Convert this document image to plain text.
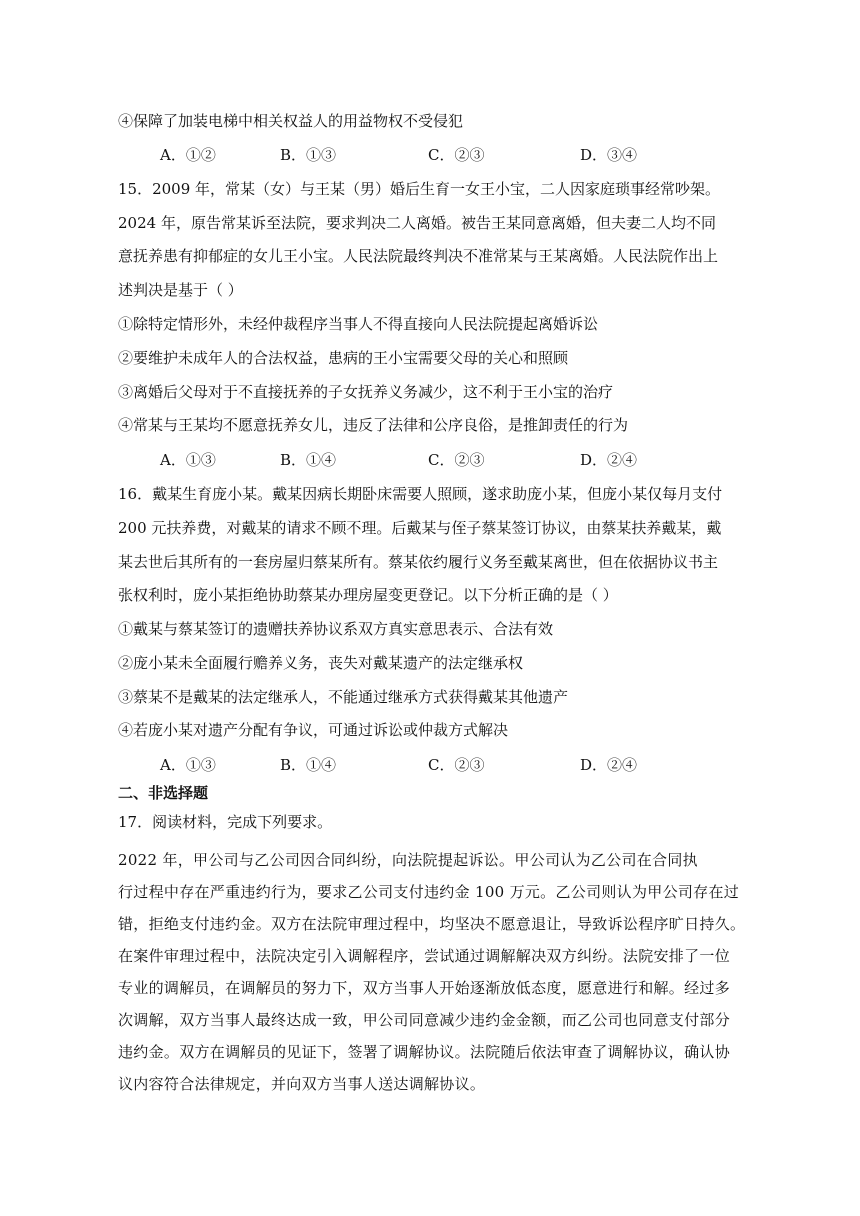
④保障了加装电梯中相关权益人的用益物权不受侵犯
A．①②	B．①③	C．②③	D．③④
15．2009 年，常某（女）与王某（男）婚后生育一女王小宝，二人因家庭琐事经常吵架。
2024 年，原告常某诉至法院，要求判决二人离婚。被告王某同意离婚，但夫妻二人均不同
意抚养患有抑郁症的女儿王小宝。人民法院最终判决不准常某与王某离婚。人民法院作出上
述判决是基于（ ）
①除特定情形外，未经仲裁程序当事人不得直接向人民法院提起离婚诉讼
②要维护未成年人的合法权益，患病的王小宝需要父母的关心和照顾
③离婚后父母对于不直接抚养的子女抚养义务减少，这不利于王小宝的治疗
④常某与王某均不愿意抚养女儿，违反了法律和公序良俗，是推卸责任的行为
A．①③	B．①④	C．②③	D．②④
16．戴某生育庞小某。戴某因病长期卧床需要人照顾，遂求助庞小某，但庞小某仅每月支付
200 元扶养费，对戴某的请求不顾不理。后戴某与侄子蔡某签订协议，由蔡某扶养戴某，戴
某去世后其所有的一套房屋归蔡某所有。蔡某依约履行义务至戴某离世，但在依据协议书主
张权利时，庞小某拒绝协助蔡某办理房屋变更登记。以下分析正确的是（ ）
①戴某与蔡某签订的遗赠扶养协议系双方真实意思表示、合法有效
②庞小某未全面履行赡养义务，丧失对戴某遗产的法定继承权
③蔡某不是戴某的法定继承人，不能通过继承方式获得戴某其他遗产
④若庞小某对遗产分配有争议，可通过诉讼或仲裁方式解决
A．①③	B．①④	C．②③	D．②④
二、非选择题
17．阅读材料，完成下列要求。
2022 年，甲公司与乙公司因合同纠纷，向法院提起诉讼。甲公司认为乙公司在合同执
行过程中存在严重违约行为，要求乙公司支付违约金 100 万元。乙公司则认为甲公司存在过
错，拒绝支付违约金。双方在法院审理过程中，均坚决不愿意退让，导致诉讼程序旷日持久。
在案件审理过程中，法院决定引入调解程序，尝试通过调解解决双方纠纷。法院安排了一位
专业的调解员，在调解员的努力下，双方当事人开始逐渐放低态度，愿意进行和解。经过多
次调解，双方当事人最终达成一致，甲公司同意减少违约金金额，而乙公司也同意支付部分
违约金。双方在调解员的见证下，签署了调解协议。法院随后依法审查了调解协议，确认协
议内容符合法律规定，并向双方当事人送达调解协议。
